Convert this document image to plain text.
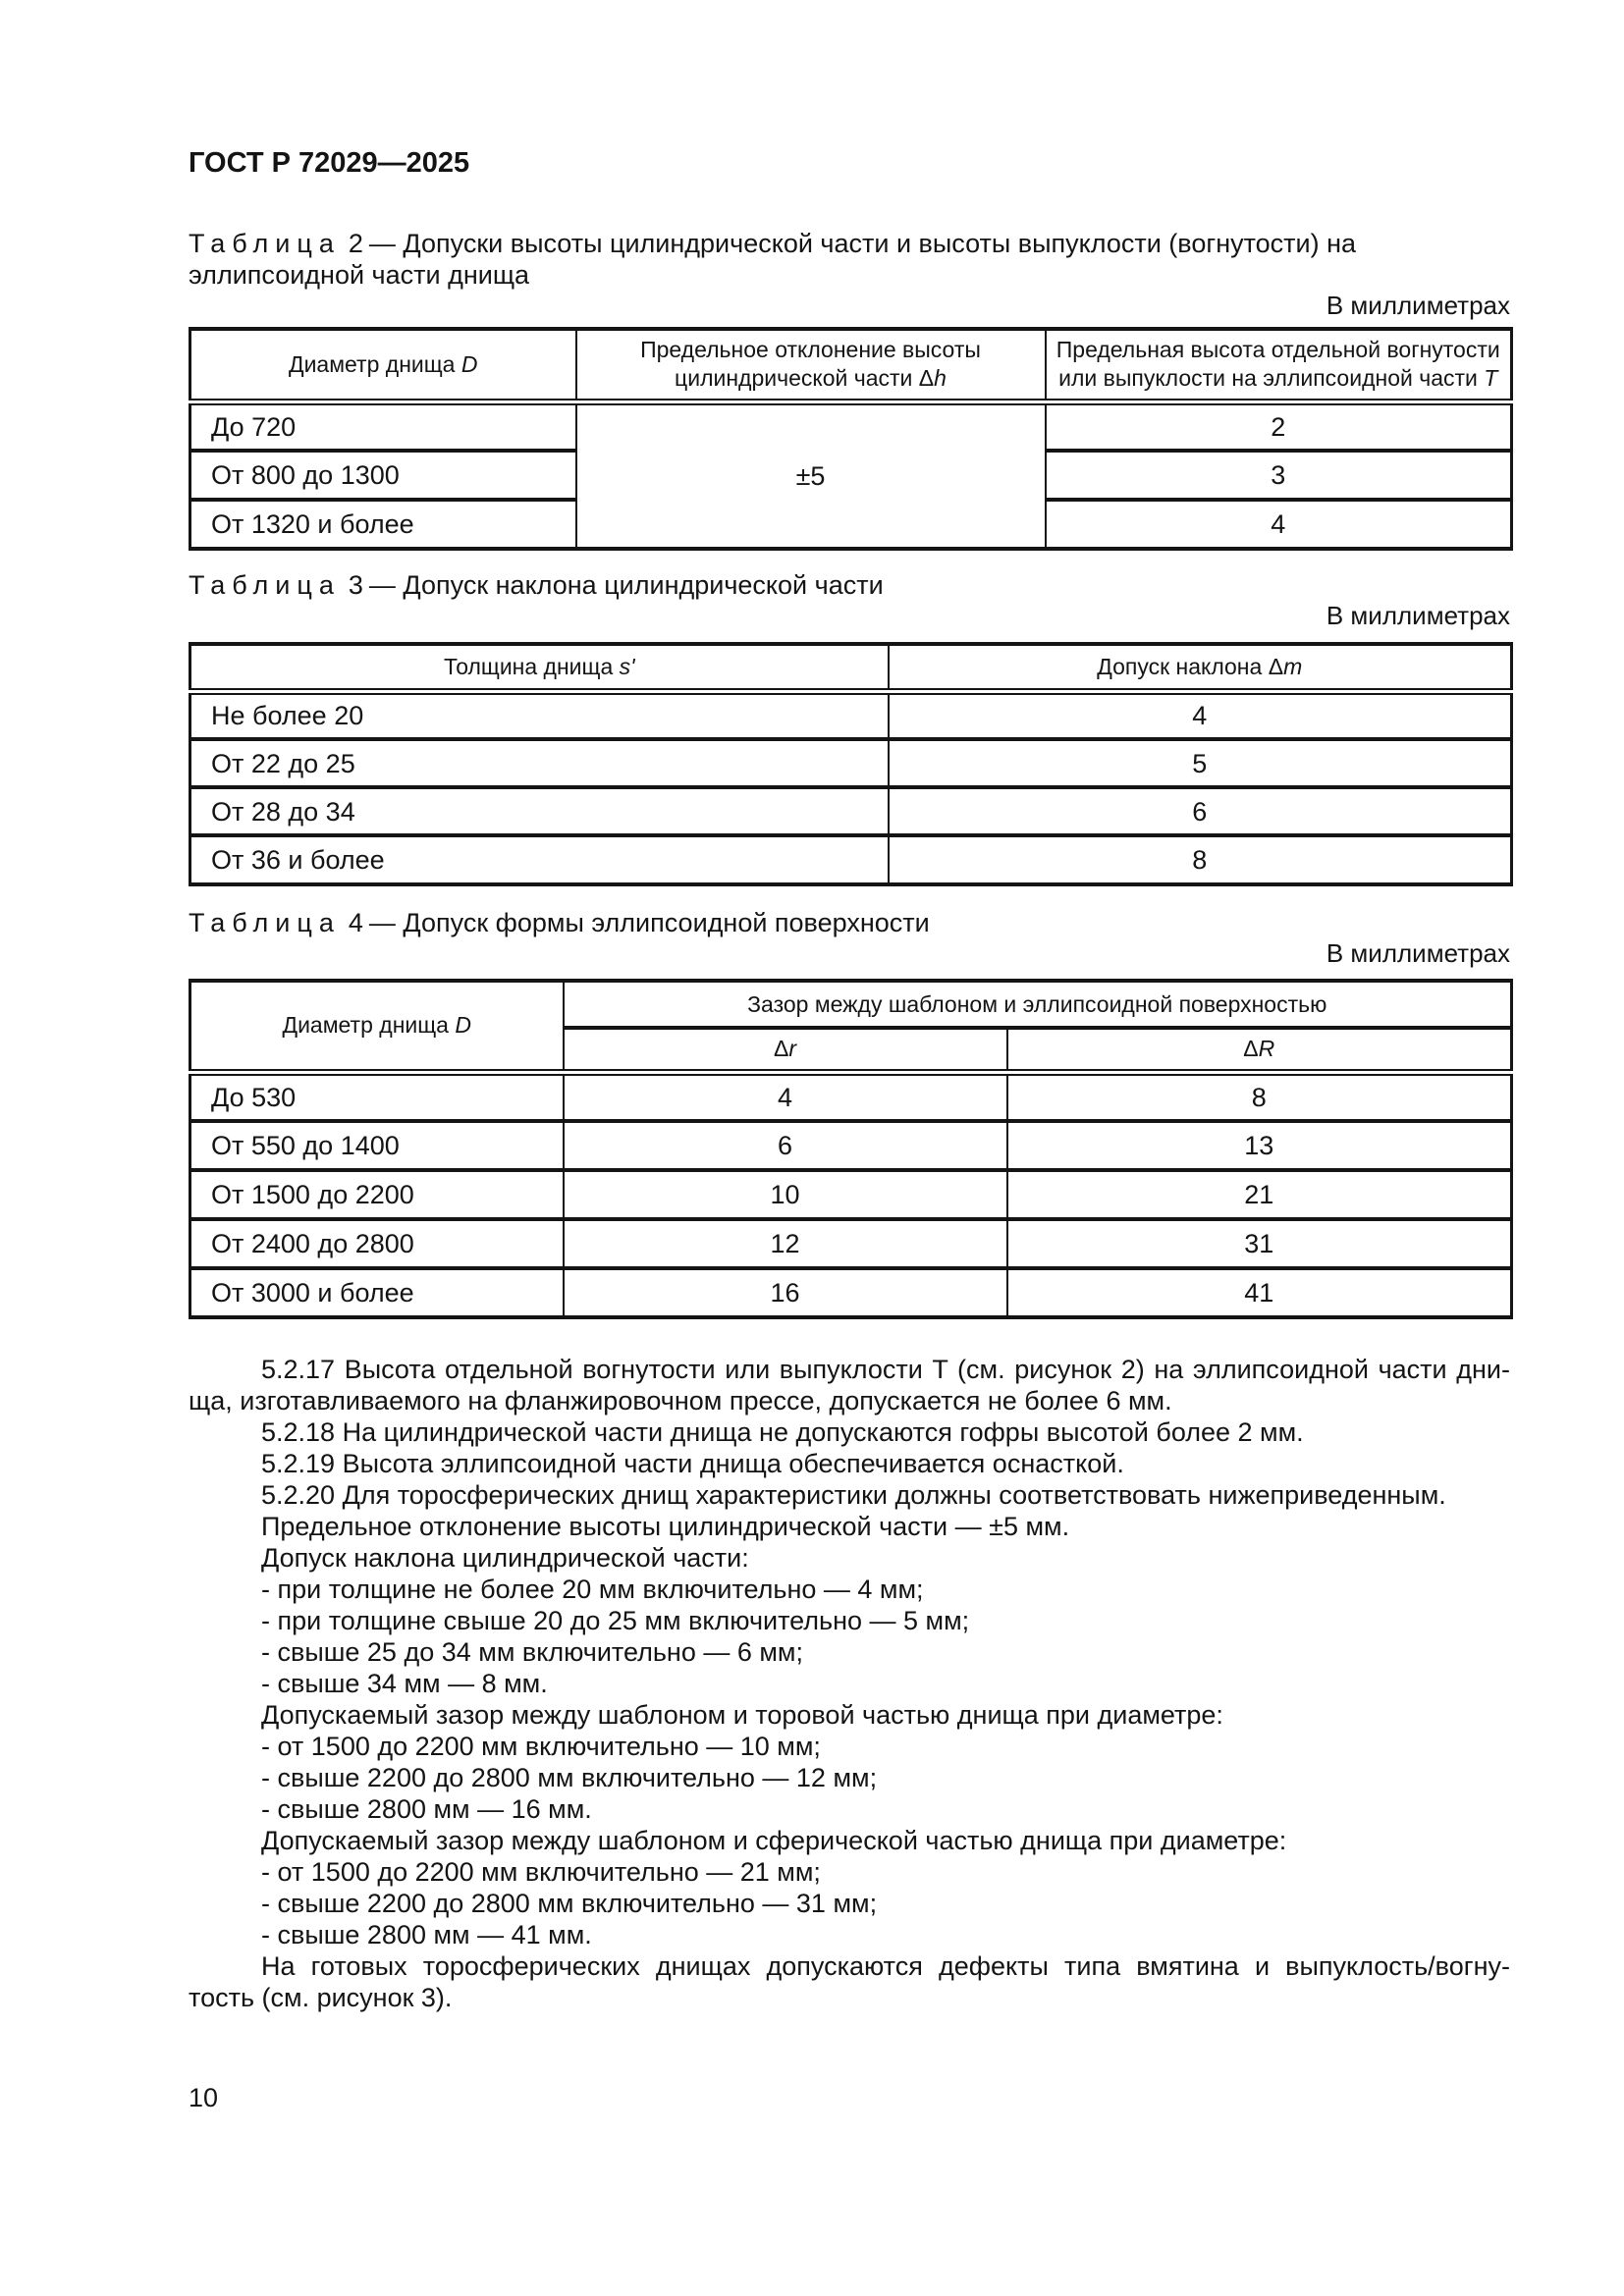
ГОСТ Р 72029—2025
Таблица 2 — Допуски высоты цилиндрической части и высоты выпуклости (вогнутости) на эллипсоидной части днища
В миллиметрах
Диаметр днища D	Предельное отклонение высоты цилиндрической части Δh	Предельная высота отдельной вогнутости или выпуклости на эллипсоидной части T
До 720	±5	2
От 800 до 1300		3
От 1320 и более		4
Таблица 3 — Допуск наклона цилиндрической части
В миллиметрах
Толщина днища s'	Допуск наклона Δm
Не более 20	4
От 22 до 25	5
От 28 до 34	6
От 36 и более	8
Таблица 4 — Допуск формы эллипсоидной поверхности
В миллиметрах
Диаметр днища D	Зазор между шаблоном и эллипсоидной поверхностью	
	Δr	ΔR
До 530	4	8
От 550 до 1400	6	13
От 1500 до 2200	10	21
От 2400 до 2800	12	31
От 3000 и более	16	41
5.2.17 Высота отдельной вогнутости или выпуклости T (см. рисунок 2) на эллипсоидной части дни-
ща, изготавливаемого на фланжировочном прессе, допускается не более 6 мм.
5.2.18 На цилиндрической части днища не допускаются гофры высотой более 2 мм.
5.2.19 Высота эллипсоидной части днища обеспечивается оснасткой.
5.2.20 Для торосферических днищ характеристики должны соответствовать нижеприведенным.
Предельное отклонение высоты цилиндрической части — ±5 мм.
Допуск наклона цилиндрической части:
- при толщине не более 20 мм включительно — 4 мм;
- при толщине свыше 20 до 25 мм включительно — 5 мм;
- свыше 25 до 34 мм включительно — 6 мм;
- свыше 34 мм — 8 мм.
Допускаемый зазор между шаблоном и торовой частью днища при диаметре:
- от 1500 до 2200 мм включительно — 10 мм;
- свыше 2200 до 2800 мм включительно — 12 мм;
- свыше 2800 мм — 16 мм.
Допускаемый зазор между шаблоном и сферической частью днища при диаметре:
- от 1500 до 2200 мм включительно — 21 мм;
- свыше 2200 до 2800 мм включительно — 31 мм;
- свыше 2800 мм — 41 мм.
На готовых торосферических днищах допускаются дефекты типа вмятина и выпуклость/вогну-
тость (см. рисунок 3).
10
